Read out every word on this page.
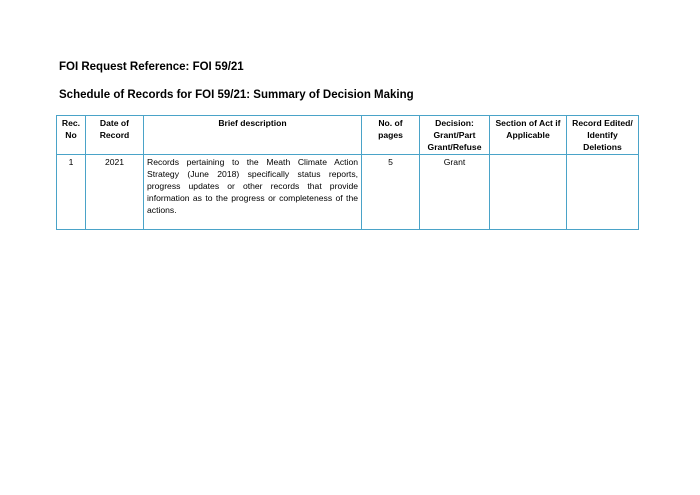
FOI Request Reference: FOI 59/21
Schedule of Records for FOI 59/21: Summary of Decision Making
Rec. No	Date of Record	Brief description	No. of pages	Decision: Grant/Part Grant/Refuse	Section of Act if Applicable	Record Edited/ Identify Deletions
1	2021	Records pertaining to the Meath Climate Action Strategy (June 2018) specifically status reports, progress updates or other records that provide information as to the progress or completeness of the actions.	5	Grant		
